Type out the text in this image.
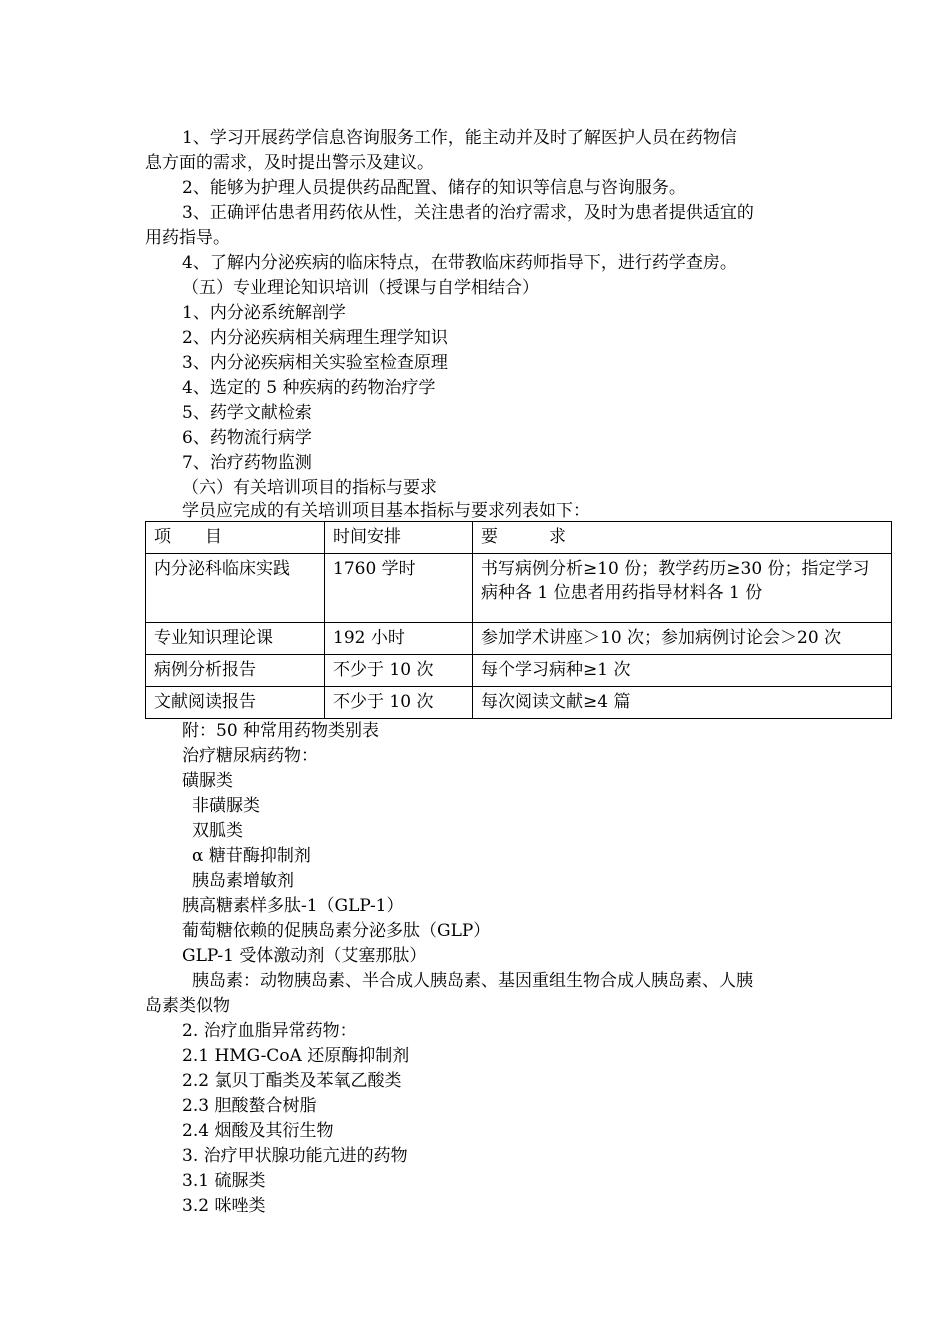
1、学习开展药学信息咨询服务工作，能主动并及时了解医护人员在药物信
息方面的需求，及时提出警示及建议。
2、能够为护理人员提供药品配置、储存的知识等信息与咨询服务。
3、正确评估患者用药依从性，关注患者的治疗需求，及时为患者提供适宜的
用药指导。
4、了解内分泌疾病的临床特点，在带教临床药师指导下，进行药学查房。
（五）专业理论知识培训（授课与自学相结合）
1、内分泌系统解剖学
2、内分泌疾病相关病理生理学知识
3、内分泌疾病相关实验室检查原理
4、选定的 5 种疾病的药物治疗学
5、药学文献检索
6、药物流行病学
7、治疗药物监测
（六）有关培训项目的指标与要求
学员应完成的有关培训项目基本指标与要求列表如下：
项　　目	时间安排	要　　　求
内分泌科临床实践	1760 学时	书写病例分析≥10 份；教学药历≥30 份；指定学习病种各 1 位患者用药指导材料各 1 份
专业知识理论课	192 小时	参加学术讲座＞10 次；参加病例讨论会＞20 次
病例分析报告	不少于 10 次	每个学习病种≥1 次
文献阅读报告	不少于 10 次	每次阅读文献≥4 篇
附：50 种常用药物类别表
治疗糖尿病药物：
磺脲类
非磺脲类
双胍类
α 糖苷酶抑制剂
胰岛素增敏剂
胰高糖素样多肽-1（GLP-1）
葡萄糖依赖的促胰岛素分泌多肽（GLP）
GLP-1 受体激动剂（艾塞那肽）
胰岛素：动物胰岛素、半合成人胰岛素、基因重组生物合成人胰岛素、人胰
岛素类似物
2. 治疗血脂异常药物：
2.1 HMG-CoA 还原酶抑制剂
2.2 氯贝丁酯类及苯氧乙酸类
2.3 胆酸螯合树脂
2.4 烟酸及其衍生物
3. 治疗甲状腺功能亢进的药物
3.1 硫脲类
3.2 咪唑类
